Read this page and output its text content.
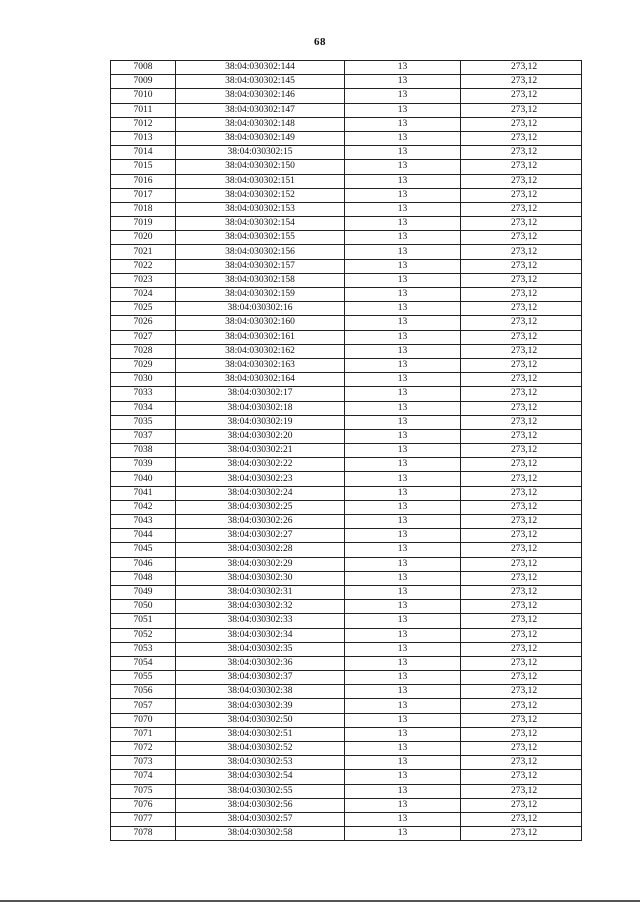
68
7008	38:04:030302:144	13	273,12
7009	38:04:030302:145	13	273,12
7010	38:04:030302:146	13	273,12
7011	38:04:030302:147	13	273,12
7012	38:04:030302:148	13	273,12
7013	38:04:030302:149	13	273,12
7014	38:04:030302:15	13	273,12
7015	38:04:030302:150	13	273,12
7016	38:04:030302:151	13	273,12
7017	38:04:030302:152	13	273,12
7018	38:04:030302:153	13	273,12
7019	38:04:030302:154	13	273,12
7020	38:04:030302:155	13	273,12
7021	38:04:030302:156	13	273,12
7022	38:04:030302:157	13	273,12
7023	38:04:030302:158	13	273,12
7024	38:04:030302:159	13	273,12
7025	38:04:030302:16	13	273,12
7026	38:04:030302:160	13	273,12
7027	38:04:030302:161	13	273,12
7028	38:04:030302:162	13	273,12
7029	38:04:030302:163	13	273,12
7030	38:04:030302:164	13	273,12
7033	38:04:030302:17	13	273,12
7034	38:04:030302:18	13	273,12
7035	38:04:030302:19	13	273,12
7037	38:04:030302:20	13	273,12
7038	38:04:030302:21	13	273,12
7039	38:04:030302:22	13	273,12
7040	38:04:030302:23	13	273,12
7041	38:04:030302:24	13	273,12
7042	38:04:030302:25	13	273,12
7043	38:04:030302:26	13	273,12
7044	38:04:030302:27	13	273,12
7045	38:04:030302:28	13	273,12
7046	38:04:030302:29	13	273,12
7048	38:04:030302:30	13	273,12
7049	38:04:030302:31	13	273,12
7050	38:04:030302:32	13	273,12
7051	38:04:030302:33	13	273,12
7052	38:04:030302:34	13	273,12
7053	38:04:030302:35	13	273,12
7054	38:04:030302:36	13	273,12
7055	38:04:030302:37	13	273,12
7056	38:04:030302:38	13	273,12
7057	38:04:030302:39	13	273,12
7070	38:04:030302:50	13	273,12
7071	38:04:030302:51	13	273,12
7072	38:04:030302:52	13	273,12
7073	38:04:030302:53	13	273,12
7074	38:04:030302:54	13	273,12
7075	38:04:030302:55	13	273,12
7076	38:04:030302:56	13	273,12
7077	38:04:030302:57	13	273,12
7078	38:04:030302:58	13	273,12
